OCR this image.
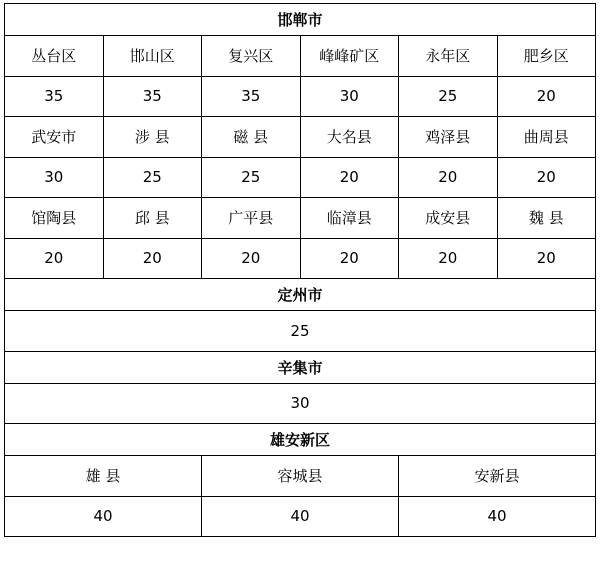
邯郸市					
丛台区	邯山区	复兴区	峰峰矿区	永年区	肥乡区
35	35	35	30	25	20
武安市	涉 县	磁 县	大名县	鸡泽县	曲周县
30	25	25	20	20	20
馆陶县	邱 县	广平县	临漳县	成安县	魏 县
20	20	20	20	20	20
定州市
25
辛集市
30
雄安新区		
雄 县	容城县	安新县
40	40	40
